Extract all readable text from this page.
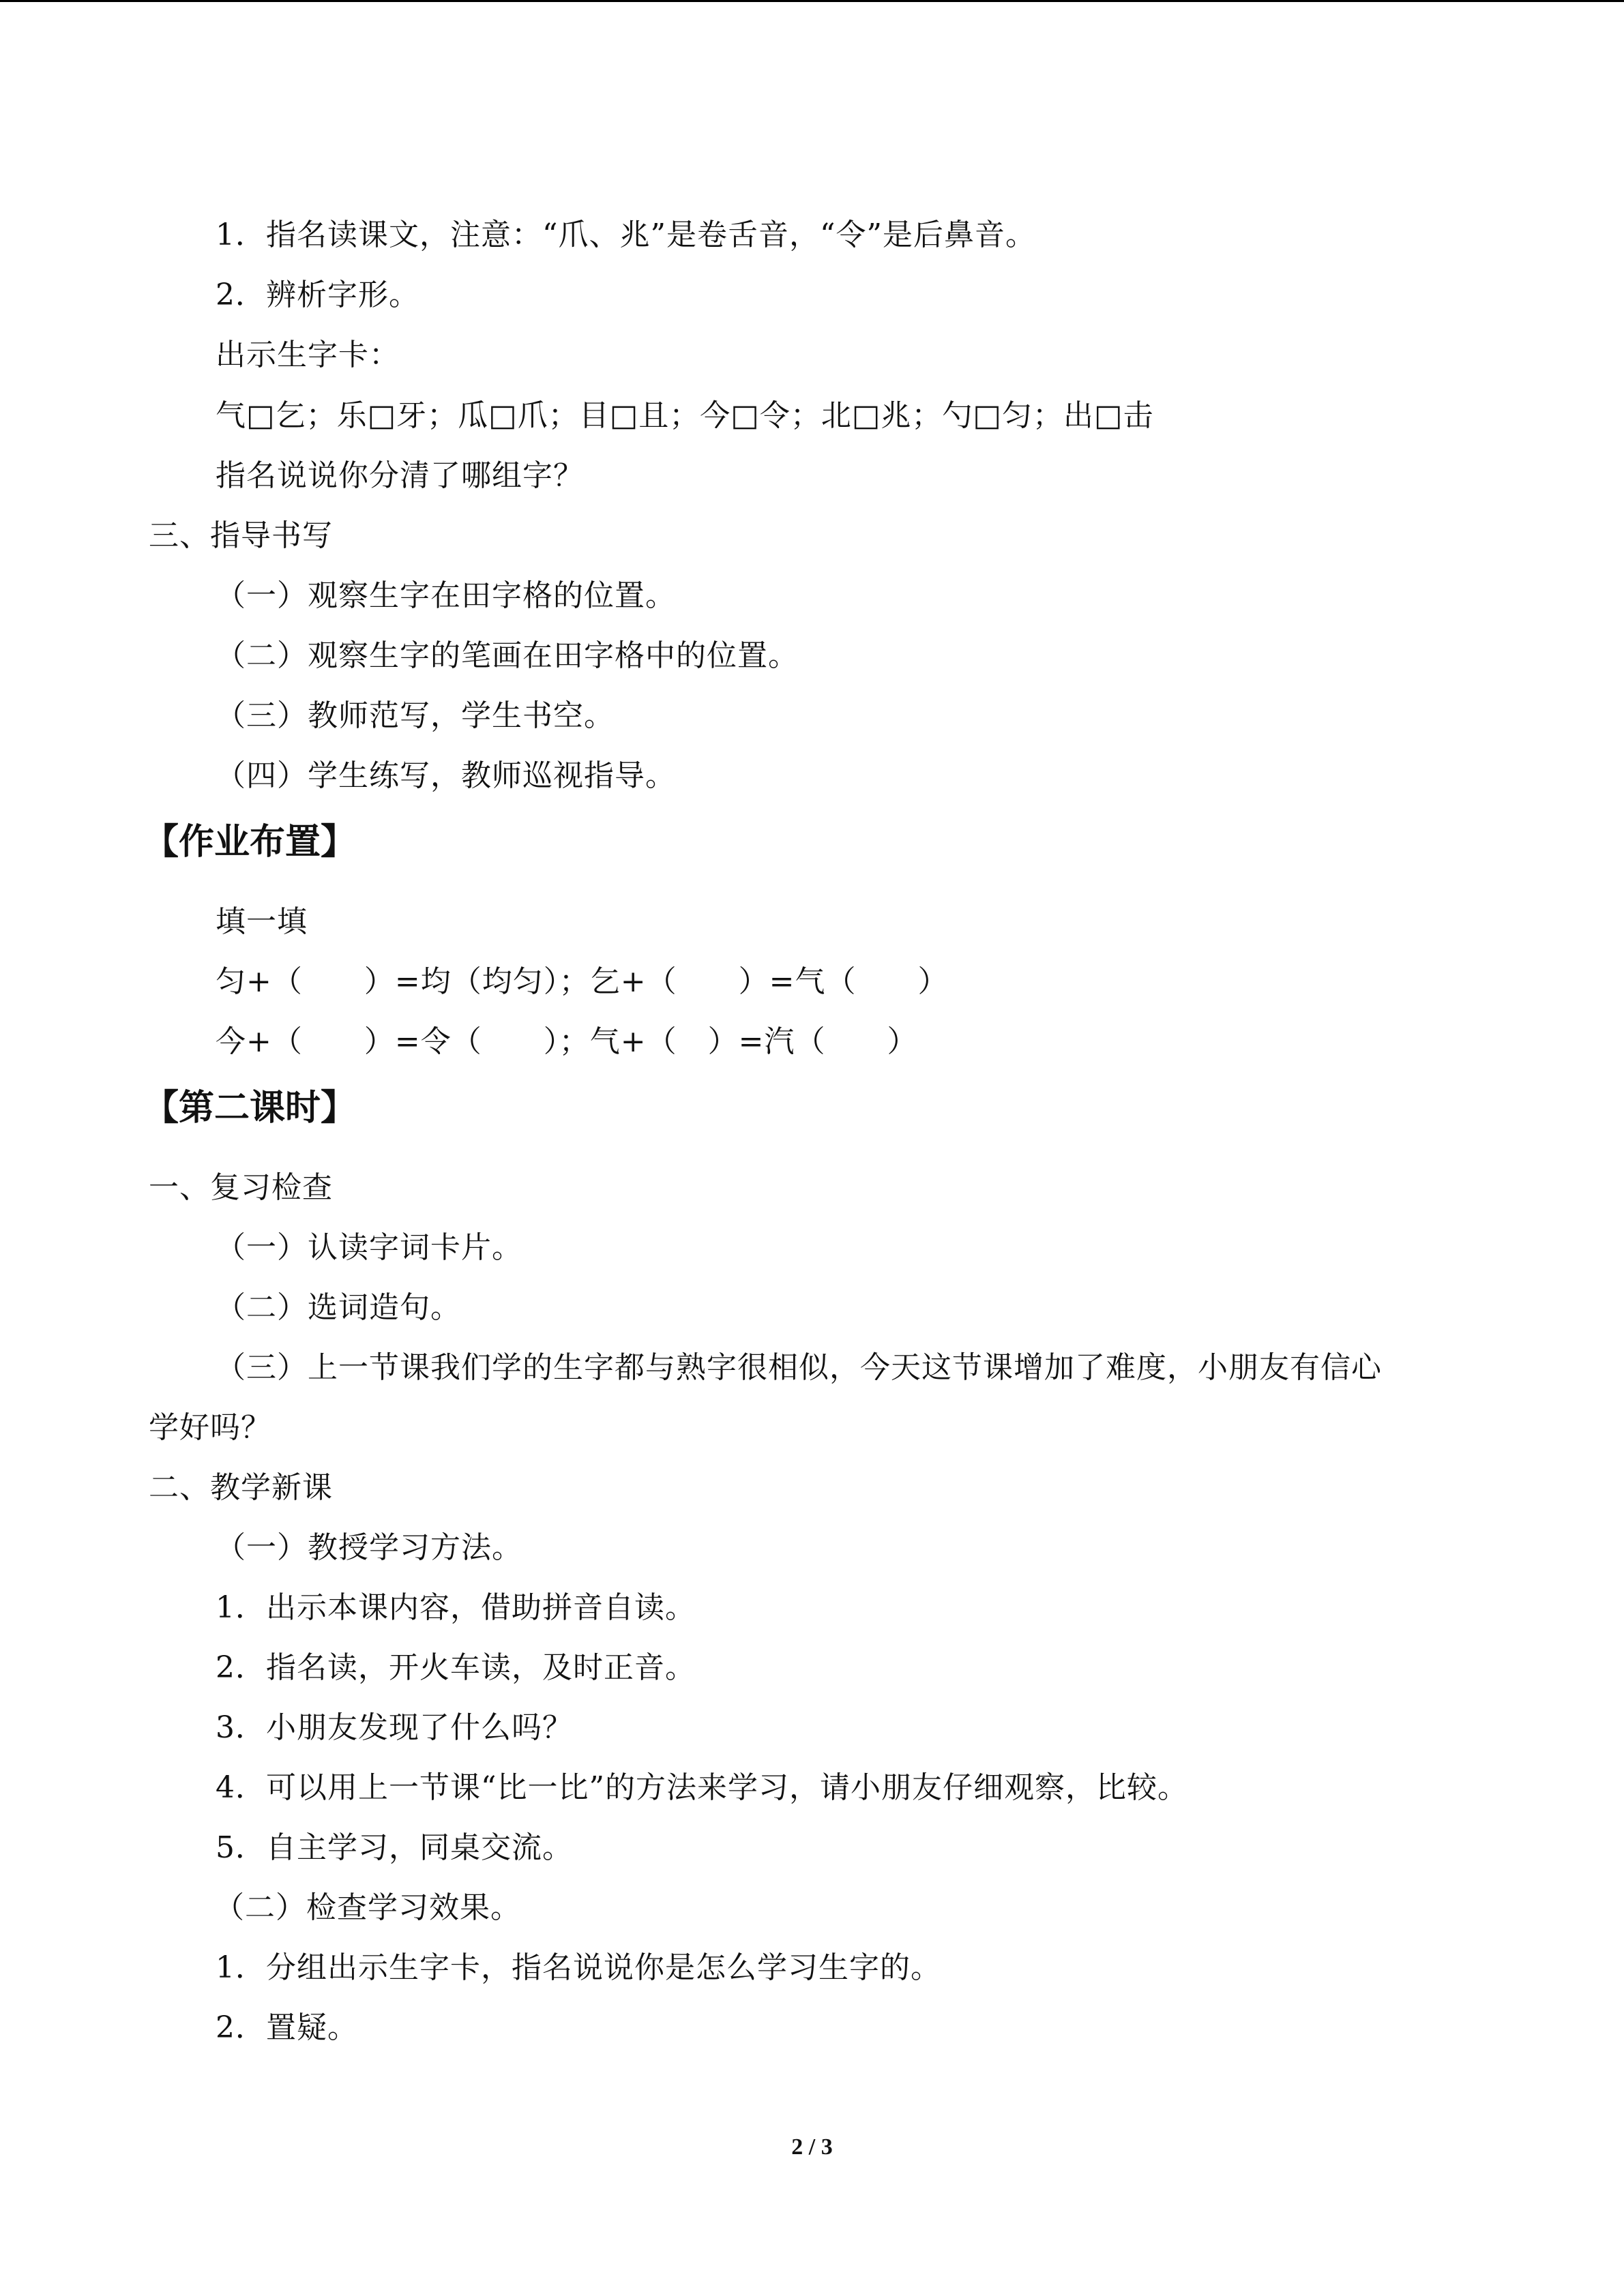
1．指名读课文，注意：“爪、兆”是卷舌音，“令”是后鼻音。
2．辨析字形。
出示生字卡：
气□乞；乐□牙；瓜□爪；目□且；今□令；北□兆；勺□匀；出□击
指名说说你分清了哪组字？
三、指导书写
（一）观察生字在田字格的位置。
（二）观察生字的笔画在田字格中的位置。
（三）教师范写，学生书空。
（四）学生练写，教师巡视指导。
【作业布置】
填一填
匀+（　　）=均（均匀）；乞+（　　）=气（　　）
今+（　　）=令（　　）；气+（　）=汽（　　）
【第二课时】
一、复习检查
（一）认读字词卡片。
（二）选词造句。
（三）上一节课我们学的生字都与熟字很相似，今天这节课增加了难度，小朋友有信心
学好吗？
二、教学新课
（一）教授学习方法。
1．出示本课内容，借助拼音自读。
2．指名读，开火车读，及时正音。
3．小朋友发现了什么吗？
4．可以用上一节课“比一比”的方法来学习，请小朋友仔细观察，比较。
5．自主学习，同桌交流。
（二）检查学习效果。
1．分组出示生字卡，指名说说你是怎么学习生字的。
2．置疑。
2 / 3
